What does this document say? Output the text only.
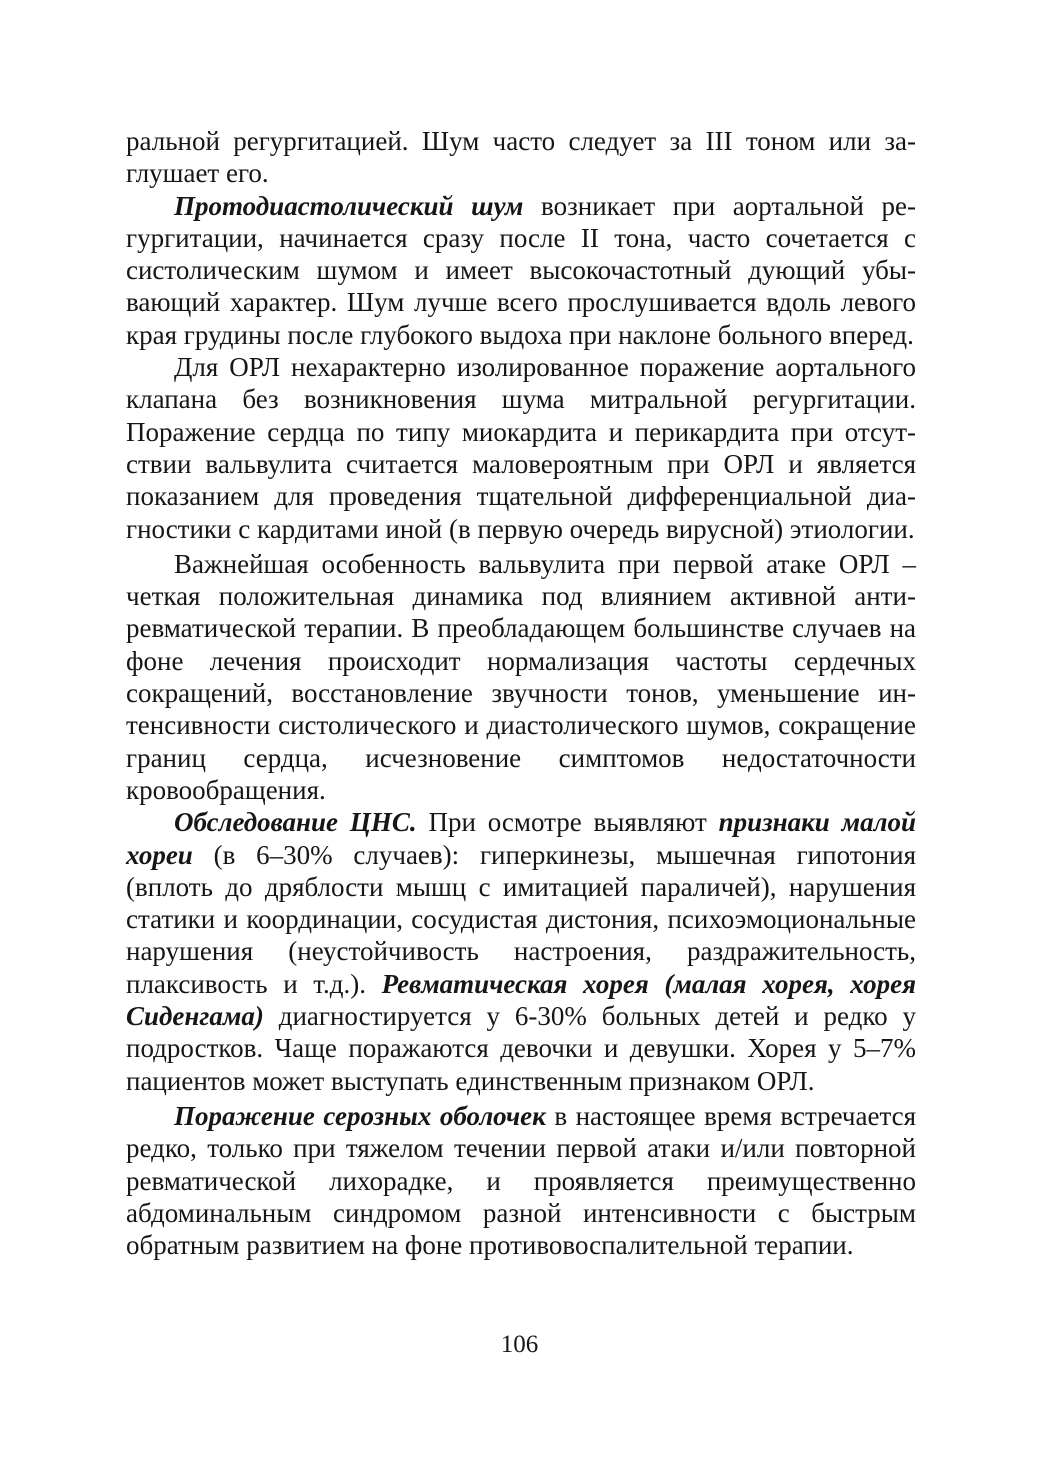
ральной регургитацией. Шум часто следует за III тоном или заглушает его.

Протодиастолический шум возникает при аортальной регургитации, начинается сразу после II тона, часто сочетается с систолическим шумом и имеет высокочастотный дующий убывающий характер. Шум лучше всего прослушивается вдоль левого края грудины после глубокого выдоха при наклоне больного вперед.

Для ОРЛ нехарактерно изолированное поражение аортального клапана без возникновения шума митральной регургитации. Поражение сердца по типу миокардита и перикардита при отсутствии вальвулита считается маловероятным при ОРЛ и является показанием для проведения тщательной дифференциальной диагностики с кардитами иной (в первую очередь вирусной) этиологии.

Важнейшая особенность вальвулита при первой атаке ОРЛ – четкая положительная динамика под влиянием активной антиревматической терапии. В преобладающем большинстве случаев на фоне лечения происходит нормализация частоты сердечных сокращений, восстановление звучности тонов, уменьшение интенсивности систолического и диастолического шумов, сокращение границ сердца, исчезновение симптомов недостаточности кровообращения.

Обследование ЦНС. При осмотре выявляют признаки малой хореи (в 6–30% случаев): гиперкинезы, мышечная гипотония (вплоть до дряблости мышц с имитацией параличей), нарушения статики и координации, сосудистая дистония, психоэмоциональные нарушения (неустойчивость настроения, раздражительность, плаксивость и т.д.). Ревматическая хорея (малая хорея, хорея Сиденгама) диагностируется у 6-30% больных детей и редко у подростков. Чаще поражаются девочки и девушки. Хорея у 5–7% пациентов может выступать единственным признаком ОРЛ.

Поражение серозных оболочек в настоящее время встречается редко, только при тяжелом течении первой атаки и/или повторной ревматической лихорадке, и проявляется преимущественно абдоминальным синдромом разной интенсивности с быстрым обратным развитием на фоне противовоспалительной терапии.

106
